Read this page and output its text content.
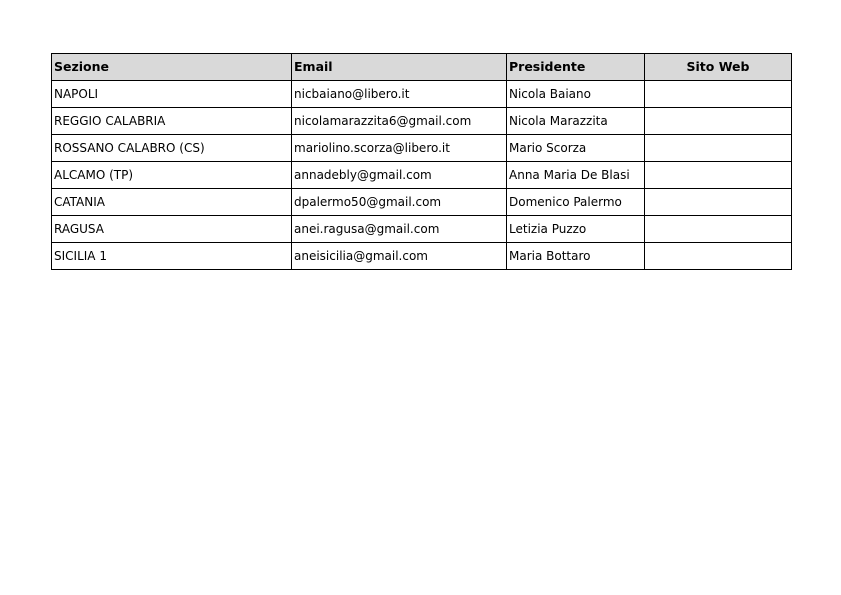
Sezione	Email	Presidente	Sito Web
NAPOLI	nicbaiano@libero.it	Nicola Baiano	
REGGIO CALABRIA	nicolamarazzita6@gmail.com	Nicola Marazzita	
ROSSANO CALABRO (CS)	mariolino.scorza@libero.it	Mario Scorza	
ALCAMO (TP)	annadebly@gmail.com	Anna Maria De Blasi	
CATANIA	dpalermo50@gmail.com	Domenico Palermo	
RAGUSA	anei.ragusa@gmail.com	Letizia Puzzo	
SICILIA 1	aneisicilia@gmail.com	Maria Bottaro	
